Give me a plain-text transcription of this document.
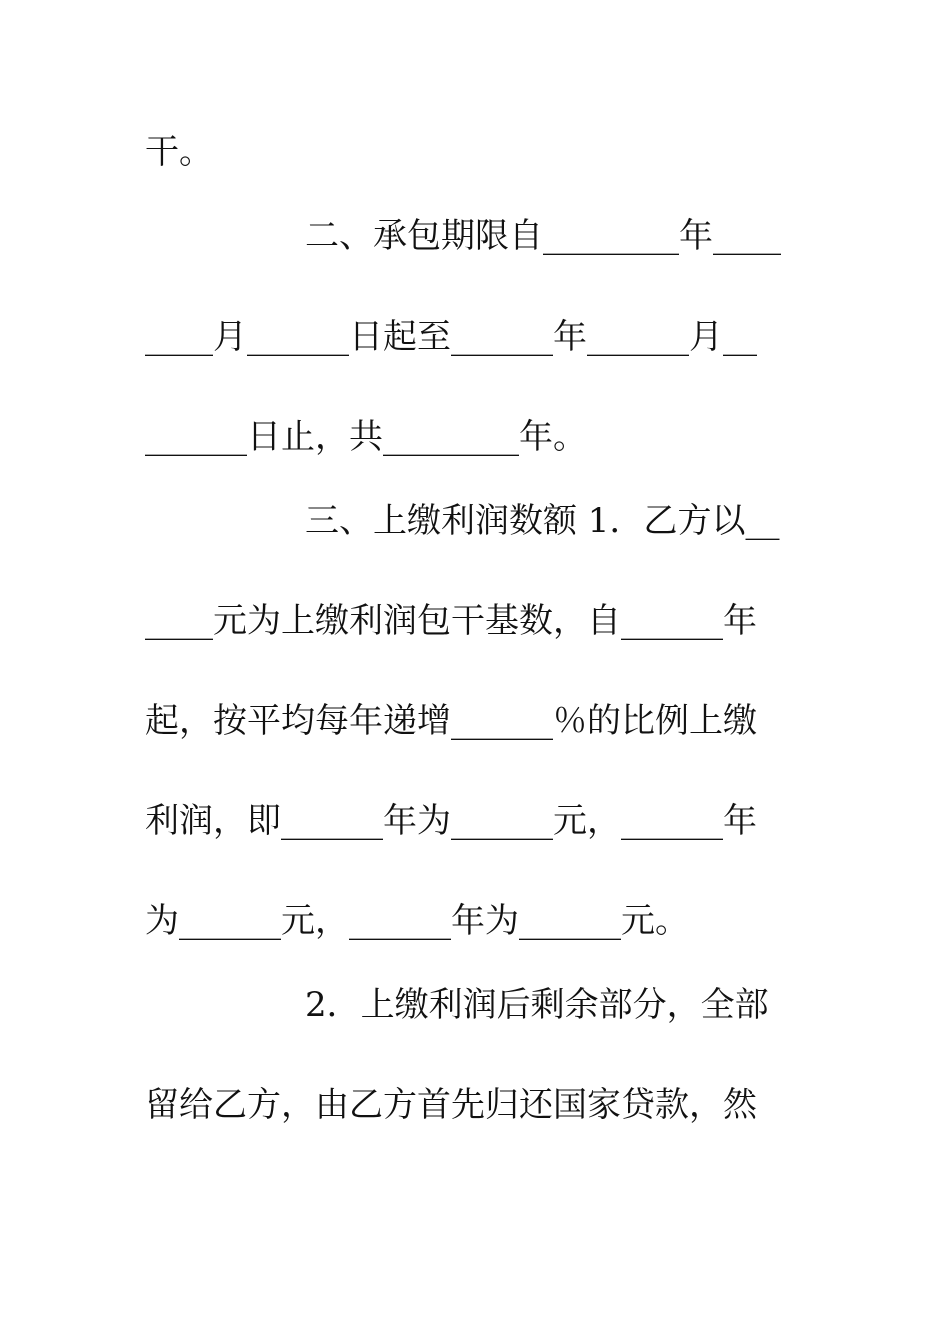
干。
二、承包期限自________年____
____月______日起至______年______月__
______日止，共________年。
三、上缴利润数额 1．乙方以__
____元为上缴利润包干基数，自______年
起，按平均每年递增______％的比例上缴
利润，即______年为______元，______年
为______元，______年为______元。
2．上缴利润后剩余部分，全部
留给乙方，由乙方首先归还国家贷款，然
